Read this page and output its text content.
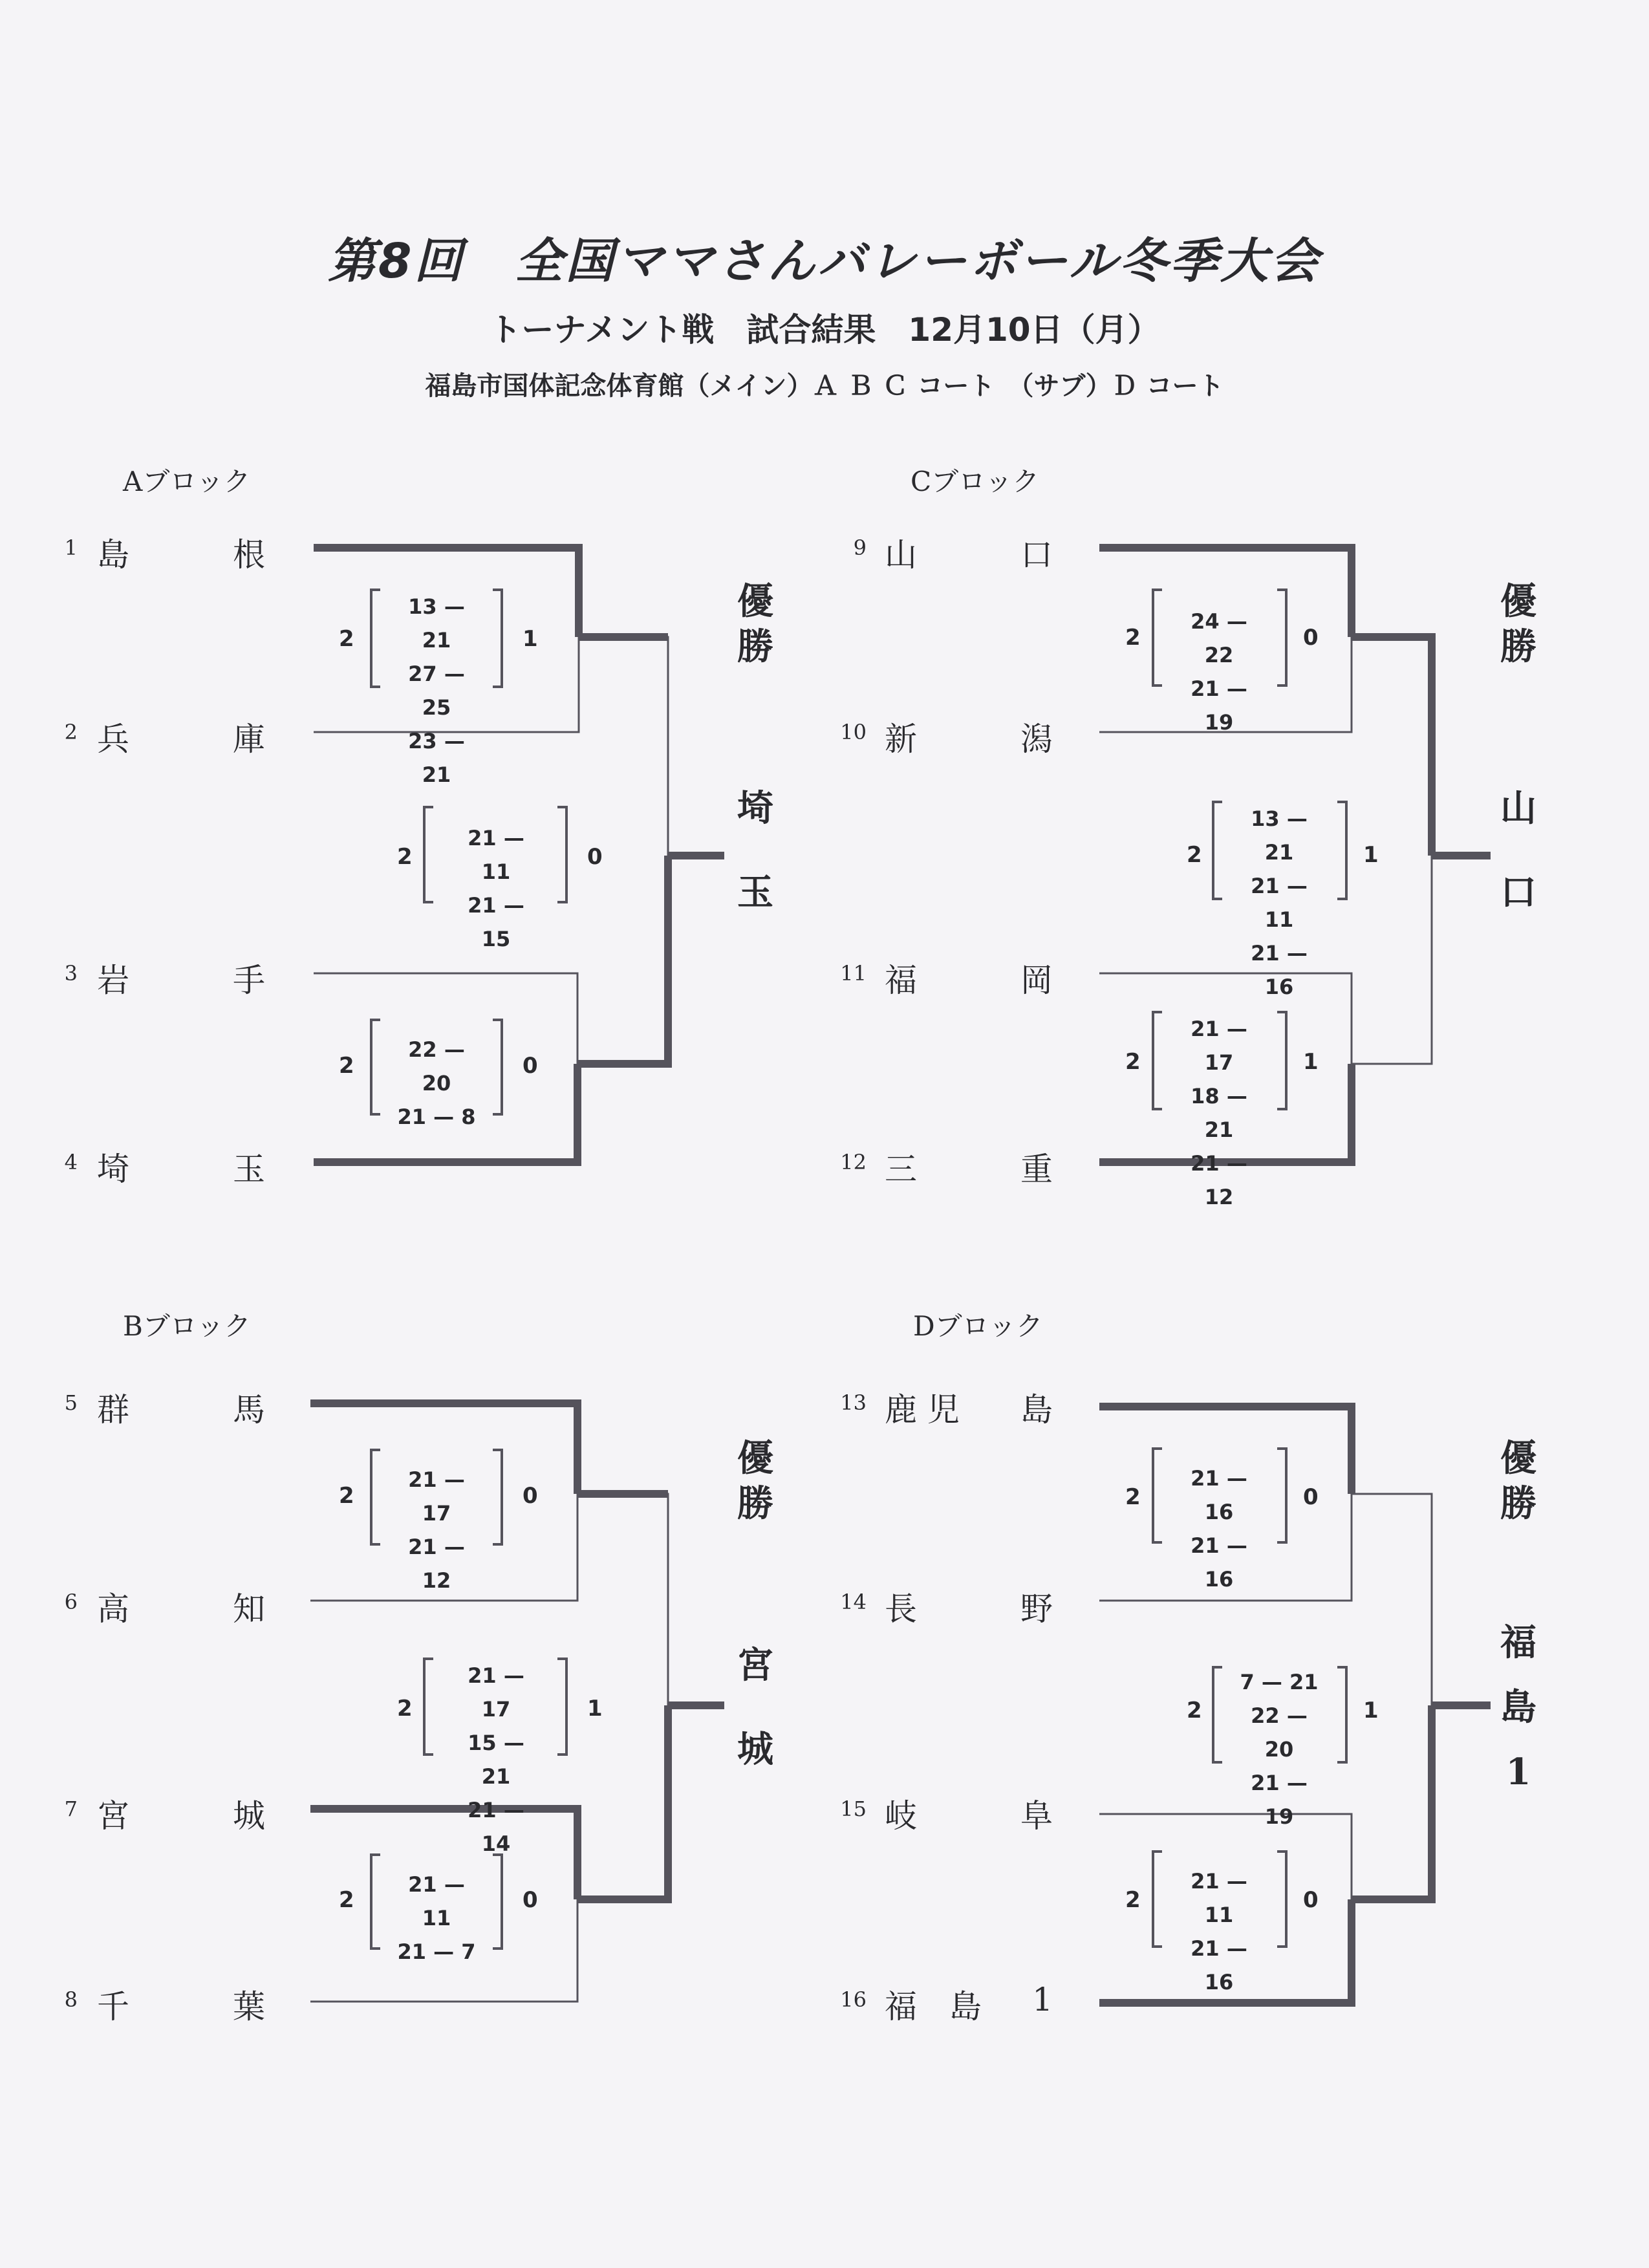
第8回　全国ママさんバレーボール冬季大会
トーナメント戦　試合結果　12月10日（月）
福島市国体記念体育館（メイン）Ａ Ｂ Ｃ コート　（サブ）Ｄ コート
Aブロック
1 島	根
2 兵	庫
3 岩	手
4 埼	玉
2
13 — 21
27 — 25
23 — 21
1
2
22 — 20
21 — 8
0
2
21 — 11
21 — 15
0
優
勝
埼
玉
Cブロック
9 山	口
10 新	潟
11 福	岡
12 三	重
2
24 — 22
21 — 19
0
2
21 — 17
18 — 21
21 — 12
1
2
13 — 21
21 — 11
21 — 16
1
優
勝
山
口
Bブロック
5 群	馬
6 高	知
7 宮	城
8 千	葉
2
21 — 17
21 — 12
0
2
21 — 11
21 — 7
0
2
21 — 17
15 — 21
21 — 14
1
優
勝
宮
城
Dブロック
13 鹿 児 島
14 長	野
15 岐	阜
16 福　島 1
2
21 — 16
21 — 16
0
2
21 — 11
21 — 16
0
2
7 — 21
22 — 20
21 — 19
1
優
勝
福
島
1
